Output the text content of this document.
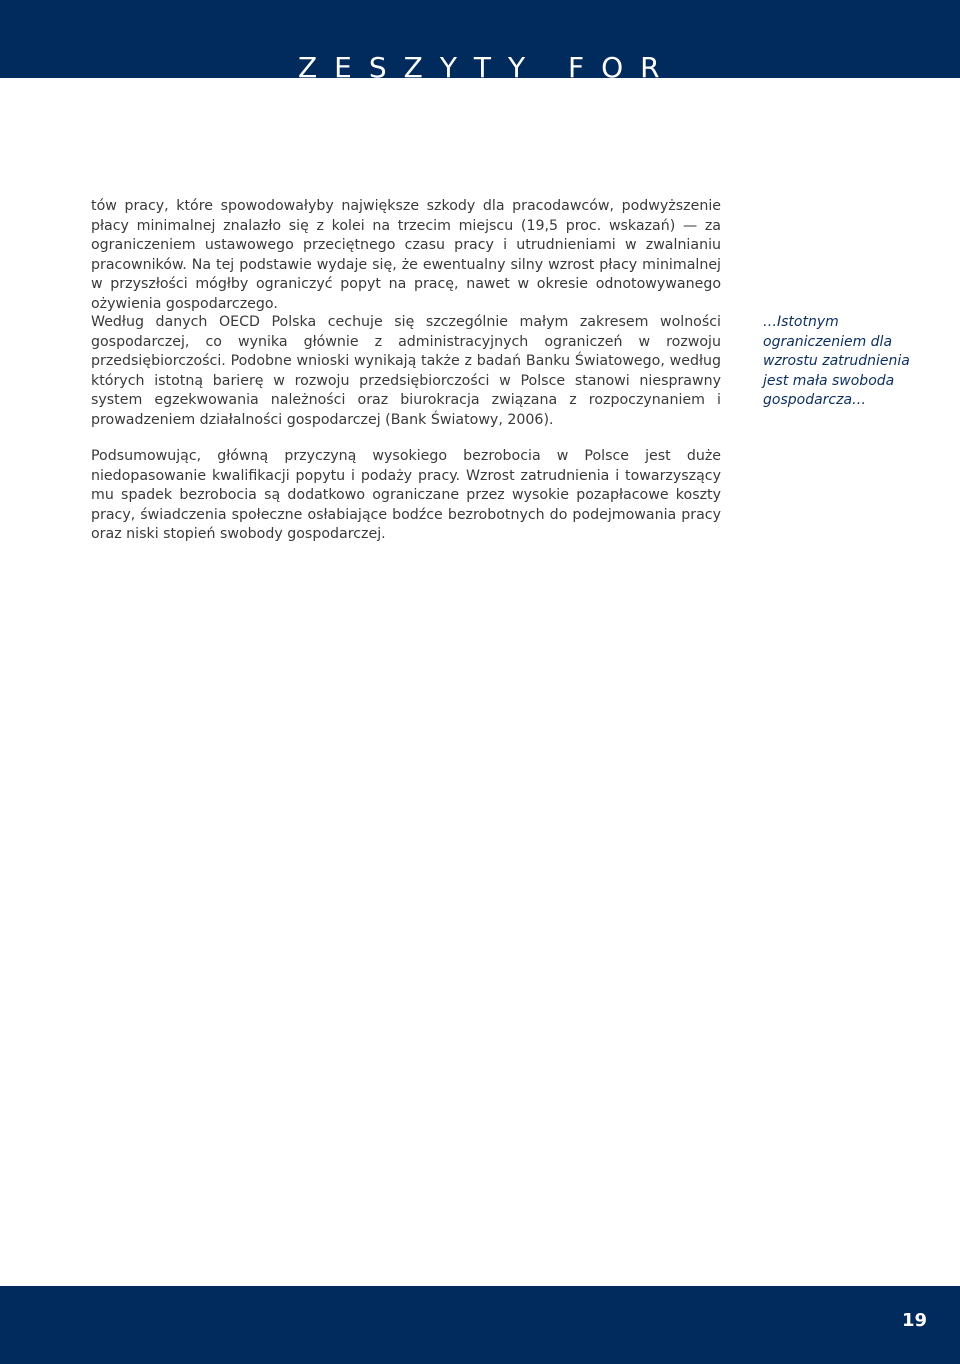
ZESZYTY FOR

tów pracy, które spowodowałyby największe szkody dla pracodawców, podwyższenie płacy minimalnej znalazło się z kolei na trzecim miejscu (19,5 proc. wskazań) — za ograniczeniem ustawowego przeciętnego czasu pracy i utrudnieniami w zwalnianiu pracowników. Na tej podstawie wydaje się, że ewentualny silny wzrost płacy minimalnej w przyszłości mógłby ograniczyć popyt na pracę, nawet w okresie odnotowywanego ożywienia gospodarczego.

Według danych OECD Polska cechuje się szczególnie małym zakresem wolności gospodarczej, co wynika głównie z administracyjnych ograniczeń w rozwoju przedsiębiorczości. Podobne wnioski wynikają także z badań Banku Światowego, według których istotną barierę w rozwoju przedsiębiorczości w Polsce stanowi niesprawny system egzekwowania należności oraz biurokracja związana z rozpoczynaniem i prowadzeniem działalności gospodarczej (Bank Światowy, 2006).

Podsumowując, główną przyczyną wysokiego bezrobocia w Polsce jest duże niedopasowanie kwalifikacji popytu i podaży pracy. Wzrost zatrudnienia i towarzyszący mu spadek bezrobocia są dodatkowo ograniczane przez wysokie pozapłacowe koszty pracy, świadczenia społeczne osłabiające bodźce bezrobotnych do podejmowania pracy oraz niski stopień swobody gospodarczej.

…Istotnym ograniczeniem dla wzrostu zatrudnienia jest mała swoboda gospodarcza…

19
